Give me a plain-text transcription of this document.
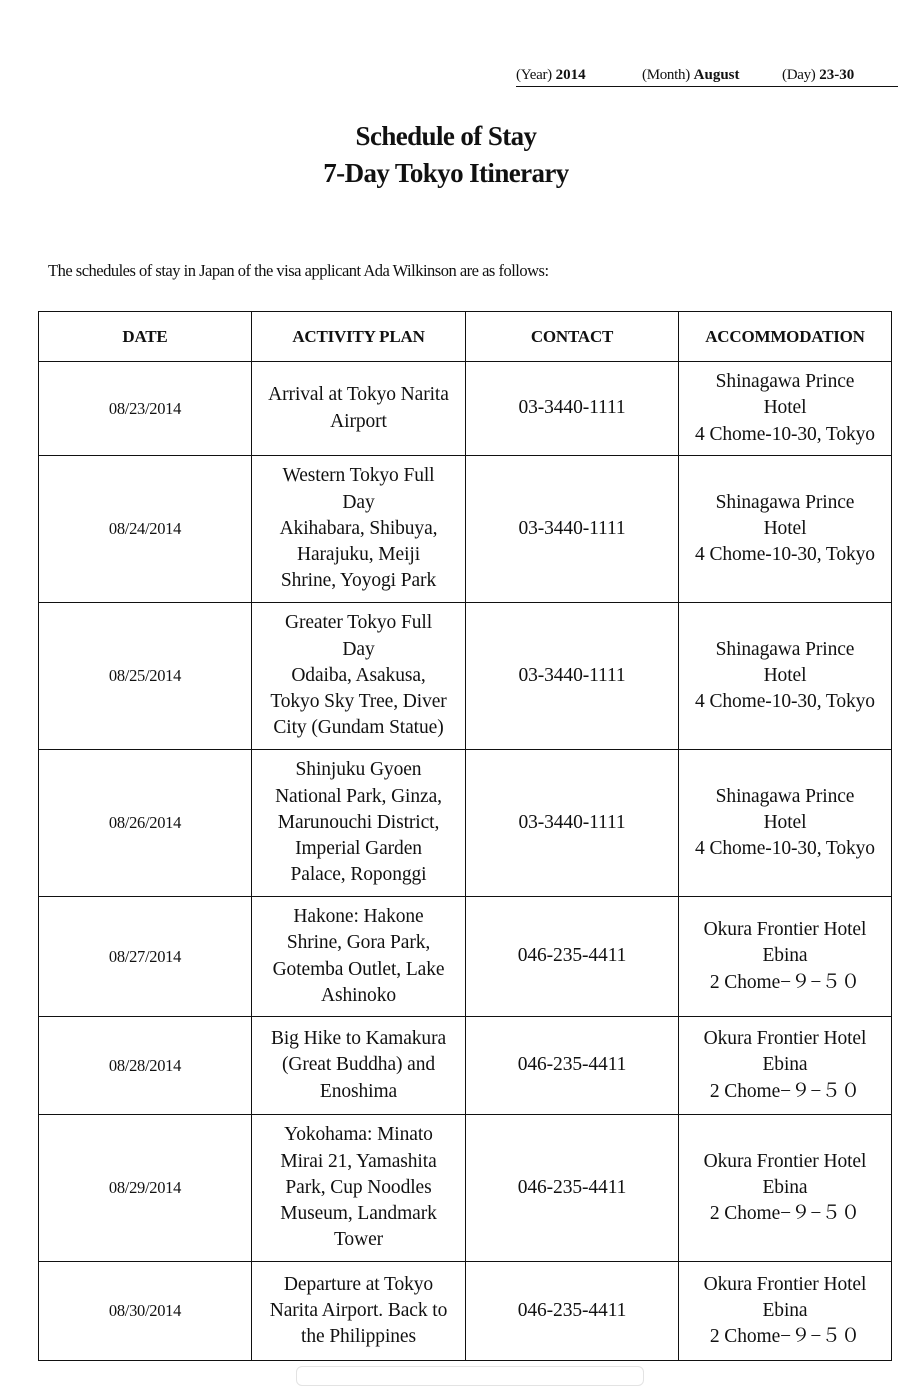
(Year) 2014	(Month) August	(Day) 23-30
Schedule of Stay
7-Day Tokyo Itinerary
The schedules of stay in Japan of the visa applicant Ada Wilkinson are as follows:
DATE	ACTIVITY PLAN	CONTACT	ACCOMMODATION
08/23/2014	Arrival at Tokyo Narita
Airport	03-3440-1111	Shinagawa Prince
Hotel
4 Chome-10-30, Tokyo
08/24/2014	Western Tokyo Full
Day
Akihabara, Shibuya,
Harajuku, Meiji
Shrine, Yoyogi Park	03-3440-1111	Shinagawa Prince
Hotel
4 Chome-10-30, Tokyo
08/25/2014	Greater Tokyo Full
Day
Odaiba, Asakusa,
Tokyo Sky Tree, Diver
City (Gundam Statue)	03-3440-1111	Shinagawa Prince
Hotel
4 Chome-10-30, Tokyo
08/26/2014	Shinjuku Gyoen
National Park, Ginza,
Marunouchi District,
Imperial Garden
Palace, Roponggi	03-3440-1111	Shinagawa Prince
Hotel
4 Chome-10-30, Tokyo
08/27/2014	Hakone: Hakone
Shrine, Gora Park,
Gotemba Outlet, Lake
Ashinoko	046-235-4411	Okura Frontier Hotel
Ebina
2 Chome−９−５０
08/28/2014	Big Hike to Kamakura
(Great Buddha) and
Enoshima	046-235-4411	Okura Frontier Hotel
Ebina
2 Chome−９−５０
08/29/2014	Yokohama: Minato
Mirai 21, Yamashita
Park, Cup Noodles
Museum, Landmark
Tower	046-235-4411	Okura Frontier Hotel
Ebina
2 Chome−９−５０
08/30/2014	Departure at Tokyo
Narita Airport. Back to
the Philippines	046-235-4411	Okura Frontier Hotel
Ebina
2 Chome−９−５０
